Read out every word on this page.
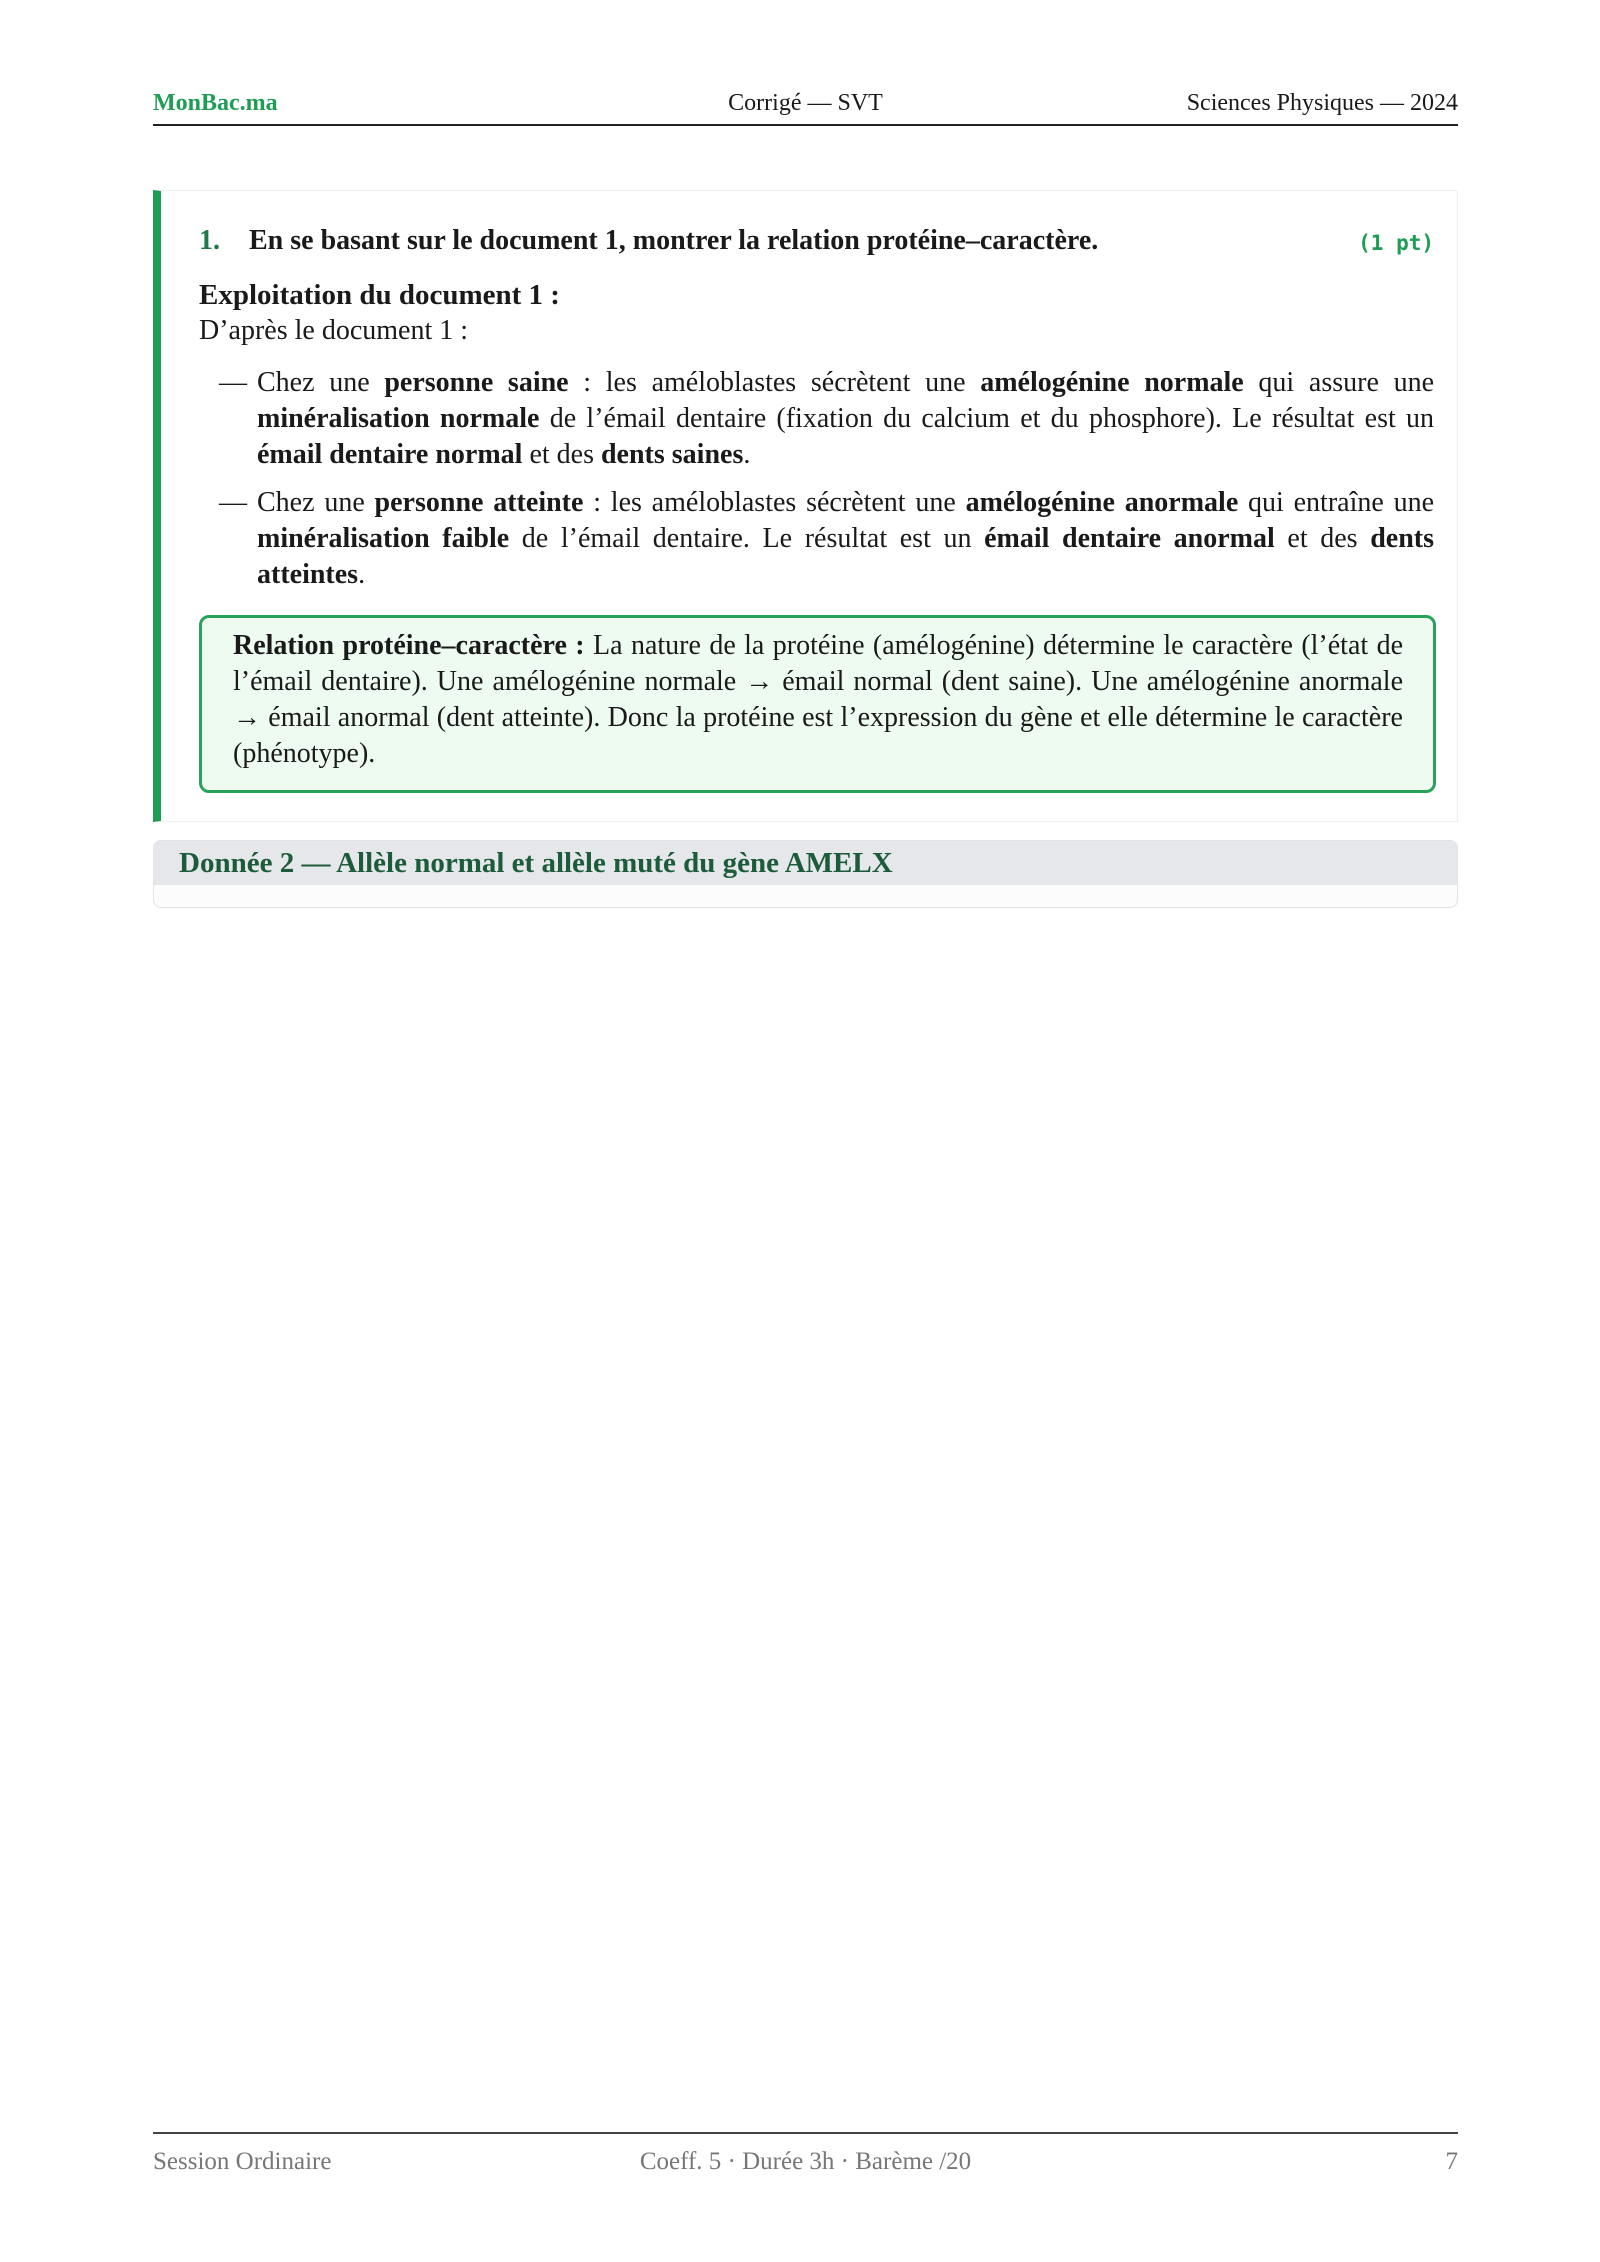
MonBac.ma	Corrigé — SVT	Sciences Physiques — 2024
1. En se basant sur le document 1, montrer la relation protéine–caractère.	(1 pt)
Exploitation du document 1 :
D’après le document 1 :
— Chez une personne saine : les améloblastes sécrètent une amélogénine normale qui assure une minéralisation normale de l’émail dentaire (fixation du calcium et du phosphore). Le résultat est un émail dentaire normal et des dents saines.
— Chez une personne atteinte : les améloblastes sécrètent une amélogénine anormale qui entraîne une minéralisation faible de l’émail dentaire. Le résultat est un émail dentaire anormal et des dents atteintes.
Relation protéine–caractère : La nature de la protéine (amélogénine) détermine le caractère (l’état de l’émail dentaire). Une amélogénine normale → émail normal (dent saine). Une amélogénine anormale → émail anormal (dent atteinte). Donc la protéine est l’expression du gène et elle détermine le caractère (phénotype).
Donnée 2 — Allèle normal et allèle muté du gène AMELX
Session Ordinaire	Coeff. 5 · Durée 3h · Barème /20	7
